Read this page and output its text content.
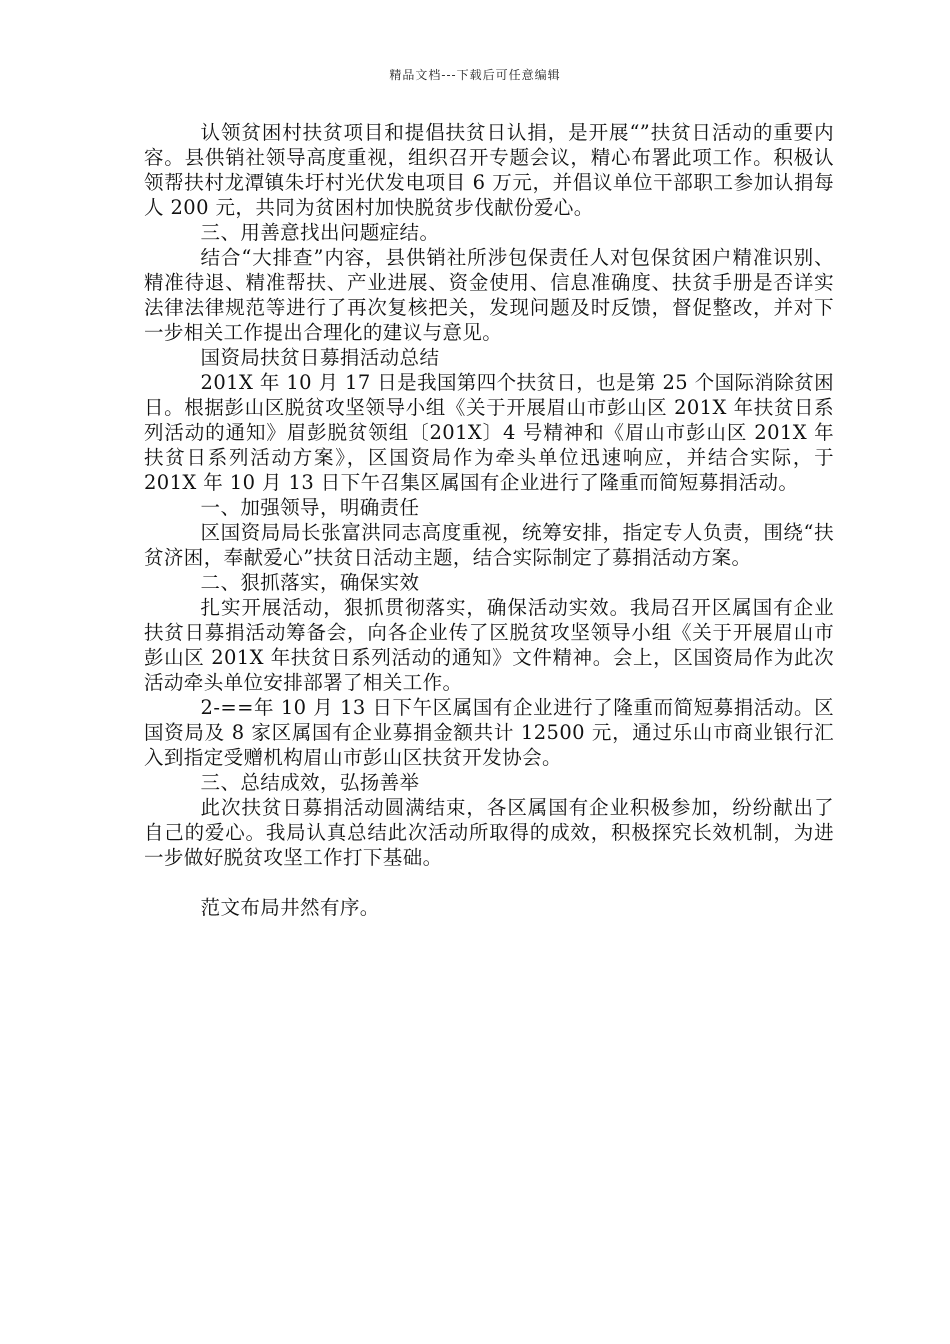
精品文档---下载后可任意编辑

认领贫困村扶贫项目和提倡扶贫日认捐，是开展“”扶贫日活动的重要内容。县供销社领导高度重视，组织召开专题会议，精心布署此项工作。积极认领帮扶村龙潭镇朱圩村光伏发电项目 6 万元，并倡议单位干部职工参加认捐每人 200 元，共同为贫困村加快脱贫步伐献份爱心。

三、用善意找出问题症结。

结合“大排查”内容，县供销社所涉包保责任人对包保贫困户精准识别、精准待退、精准帮扶、产业进展、资金使用、信息准确度、扶贫手册是否详实法律法律规范等进行了再次复核把关，发现问题及时反馈，督促整改，并对下一步相关工作提出合理化的建议与意见。

国资局扶贫日募捐活动总结

201X 年 10 月 17 日是我国第四个扶贫日，也是第 25 个国际消除贫困日。根据彭山区脱贫攻坚领导小组《关于开展眉山市彭山区 201X 年扶贫日系列活动的通知》眉彭脱贫领组〔201X〕4 号精神和《眉山市彭山区 201X 年扶贫日系列活动方案》，区国资局作为牵头单位迅速响应，并结合实际，于 201X 年 10 月 13 日下午召集区属国有企业进行了隆重而简短募捐活动。

一、加强领导，明确责任

区国资局局长张富洪同志高度重视，统筹安排，指定专人负责，围绕“扶贫济困，奉献爱心”扶贫日活动主题，结合实际制定了募捐活动方案。

二、狠抓落实，确保实效

扎实开展活动，狠抓贯彻落实，确保活动实效。我局召开区属国有企业扶贫日募捐活动筹备会，向各企业传了区脱贫攻坚领导小组《关于开展眉山市彭山区 201X 年扶贫日系列活动的通知》文件精神。会上，区国资局作为此次活动牵头单位安排部署了相关工作。

2-==年 10 月 13 日下午区属国有企业进行了隆重而简短募捐活动。区国资局及 8 家区属国有企业募捐金额共计 12500 元，通过乐山市商业银行汇入到指定受赠机构眉山市彭山区扶贫开发协会。

三、总结成效，弘扬善举

此次扶贫日募捐活动圆满结束，各区属国有企业积极参加，纷纷献出了自己的爱心。我局认真总结此次活动所取得的成效，积极探究长效机制，为进一步做好脱贫攻坚工作打下基础。

范文布局井然有序。
